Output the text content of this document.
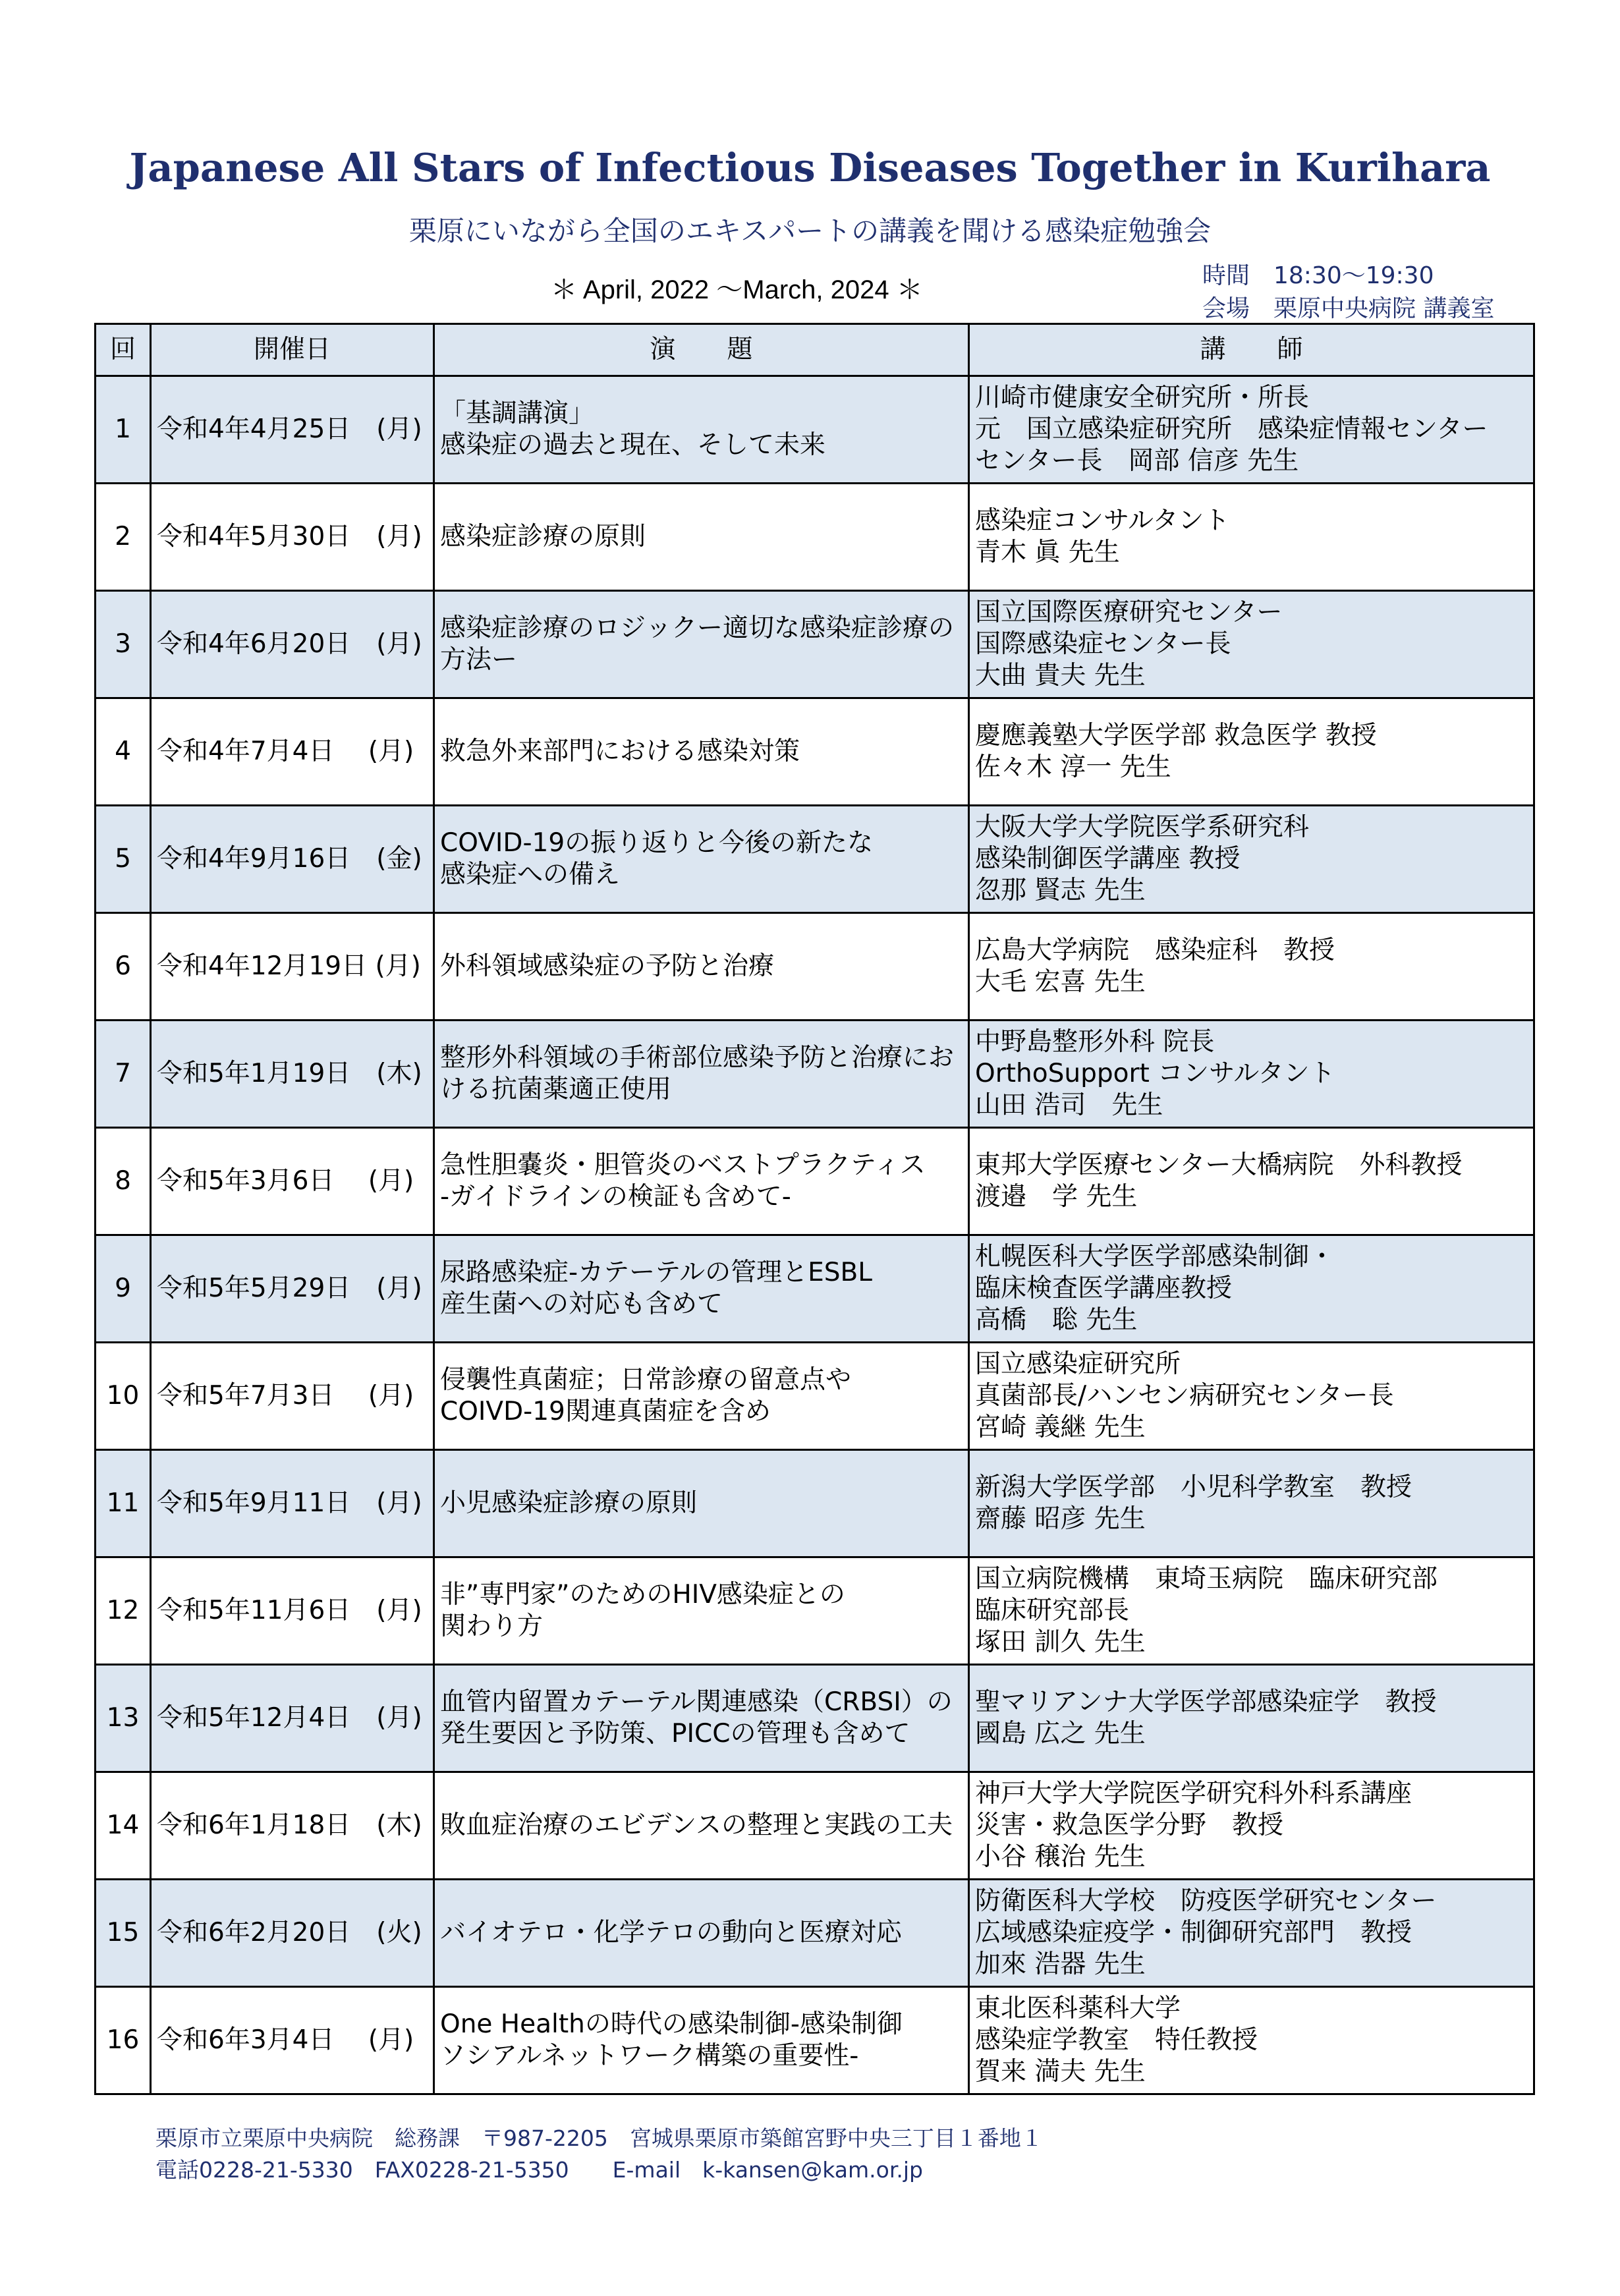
Japanese All Stars of Infectious Diseases Together in Kurihara
栗原にいながら全国のエキスパートの講義を聞ける感染症勉強会
＊ April, 2022 〜March, 2024 ＊	時間　18:30〜19:30
会場　栗原中央病院 講義室
回	開催日	演　　題	講　　師
1	令和4年4月25日　(月)	「基調講演」
感染症の過去と現在、そして未来	川崎市健康安全研究所・所長
元　国立感染症研究所　感染症情報センター
センター長　岡部 信彦 先生
2	令和4年5月30日　(月)	感染症診療の原則	感染症コンサルタント
青木 眞 先生
3	令和4年6月20日　(月)	感染症診療のロジックー適切な感染症診療の方法ー	国立国際医療研究センター
国際感染症センター長
大曲 貴夫 先生
4	令和4年7月4日　 (月)	救急外来部門における感染対策	慶應義塾大学医学部 救急医学 教授
佐々木 淳一 先生
5	令和4年9月16日　(金)	COVID-19の振り返りと今後の新たな
感染症への備え	大阪大学大学院医学系研究科
感染制御医学講座 教授
忽那 賢志 先生
6	令和4年12月19日 (月)	外科領域感染症の予防と治療	広島大学病院　感染症科　教授
大毛 宏喜 先生
7	令和5年1月19日　(木)	整形外科領域の手術部位感染予防と治療における抗菌薬適正使用	中野島整形外科 院長
OrthoSupport コンサルタント
山田 浩司　先生
8	令和5年3月6日　 (月)	急性胆嚢炎・胆管炎のベストプラクティス
-ガイドラインの検証も含めて-	東邦大学医療センター大橋病院　外科教授
渡邉　学 先生
9	令和5年5月29日　(月)	尿路感染症-カテーテルの管理とESBL
産生菌への対応も含めて	札幌医科大学医学部感染制御・
臨床検査医学講座教授
高橋　聡 先生
10	令和5年7月3日　 (月)	侵襲性真菌症；日常診療の留意点や
COIVD-19関連真菌症を含め	国立感染症研究所
真菌部長/ハンセン病研究センター長
宮崎 義継 先生
11	令和5年9月11日　(月)	小児感染症診療の原則	新潟大学医学部　小児科学教室　教授
齋藤 昭彦 先生
12	令和5年11月6日　(月)	非”専門家”のためのHIV感染症との
関わり方	国立病院機構　東埼玉病院　臨床研究部
臨床研究部長
塚田 訓久 先生
13	令和5年12月4日　(月)	血管内留置カテーテル関連感染（CRBSI）の発生要因と予防策、PICCの管理も含めて	聖マリアンナ大学医学部感染症学　教授
國島 広之 先生
14	令和6年1月18日　(木)	敗血症治療のエビデンスの整理と実践の工夫	神戸大学大学院医学研究科外科系講座
災害・救急医学分野　教授
小谷 穣治 先生
15	令和6年2月20日　(火)	バイオテロ・化学テロの動向と医療対応	防衛医科大学校　防疫医学研究センター
広域感染症疫学・制御研究部門　教授
加來 浩器 先生
16	令和6年3月4日　 (月)	One Healthの時代の感染制御-感染制御
ソシアルネットワーク構築の重要性-	東北医科薬科大学
感染症学教室　特任教授
賀来 満夫 先生
栗原市立栗原中央病院　総務課　〒987-2205　宮城県栗原市築館宮野中央三丁目１番地１
電話0228-21-5330　FAX0228-21-5350　　E-mail　k-kansen@kam.or.jp
